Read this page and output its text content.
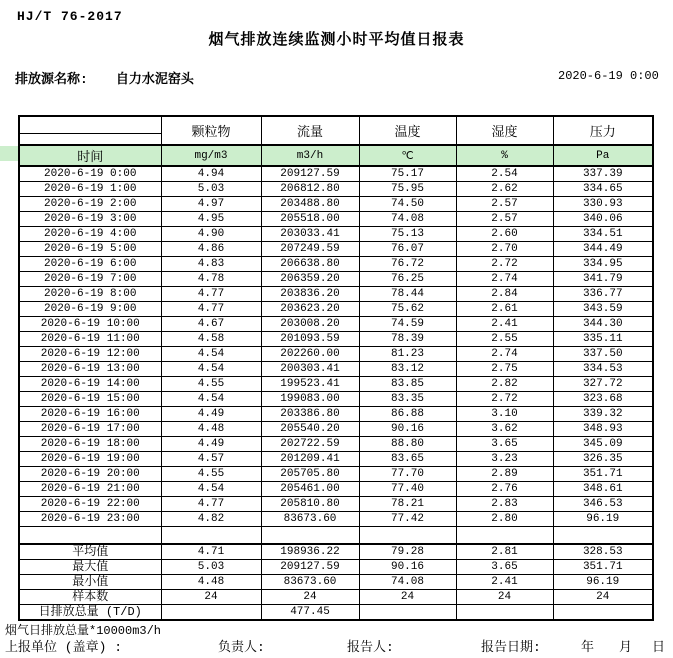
HJ/T 76-2017
烟气排放连续监测小时平均值日报表
排放源名称: 自力水泥窑头	2020-6-19 0:00
	颗粒物	流量	温度	湿度	压力
时间	mg/m3	m3/h	℃	%	Pa
2020-6-19 0:00	4.94	209127.59	75.17	2.54	337.39
2020-6-19 1:00	5.03	206812.80	75.95	2.62	334.65
2020-6-19 2:00	4.97	203488.80	74.50	2.57	330.93
2020-6-19 3:00	4.95	205518.00	74.08	2.57	340.06
2020-6-19 4:00	4.90	203033.41	75.13	2.60	334.51
2020-6-19 5:00	4.86	207249.59	76.07	2.70	344.49
2020-6-19 6:00	4.83	206638.80	76.72	2.72	334.95
2020-6-19 7:00	4.78	206359.20	76.25	2.74	341.79
2020-6-19 8:00	4.77	203836.20	78.44	2.84	336.77
2020-6-19 9:00	4.77	203623.20	75.62	2.61	343.59
2020-6-19 10:00	4.67	203008.20	74.59	2.41	344.30
2020-6-19 11:00	4.58	201093.59	78.39	2.55	335.11
2020-6-19 12:00	4.54	202260.00	81.23	2.74	337.50
2020-6-19 13:00	4.54	200303.41	83.12	2.75	334.53
2020-6-19 14:00	4.55	199523.41	83.85	2.82	327.72
2020-6-19 15:00	4.54	199083.00	83.35	2.72	323.68
2020-6-19 16:00	4.49	203386.80	86.88	3.10	339.32
2020-6-19 17:00	4.48	205540.20	90.16	3.62	348.93
2020-6-19 18:00	4.49	202722.59	88.80	3.65	345.09
2020-6-19 19:00	4.57	201209.41	83.65	3.23	326.35
2020-6-19 20:00	4.55	205705.80	77.70	2.89	351.71
2020-6-19 21:00	4.54	205461.00	77.40	2.76	348.61
2020-6-19 22:00	4.77	205810.80	78.21	2.83	346.53
2020-6-19 23:00	4.82	83673.60	77.42	2.80	96.19

平均值	4.71	198936.22	79.28	2.81	328.53
最大值	5.03	209127.59	90.16	3.65	351.71
最小值	4.48	83673.60	74.08	2.41	96.19
样本数	24	24	24	24	24
日排放总量 (T/D)		477.45			
烟气日排放总量*10000m3/h
上报单位 (盖章) :	负责人:	报告人:	报告日期:	年 月 日
